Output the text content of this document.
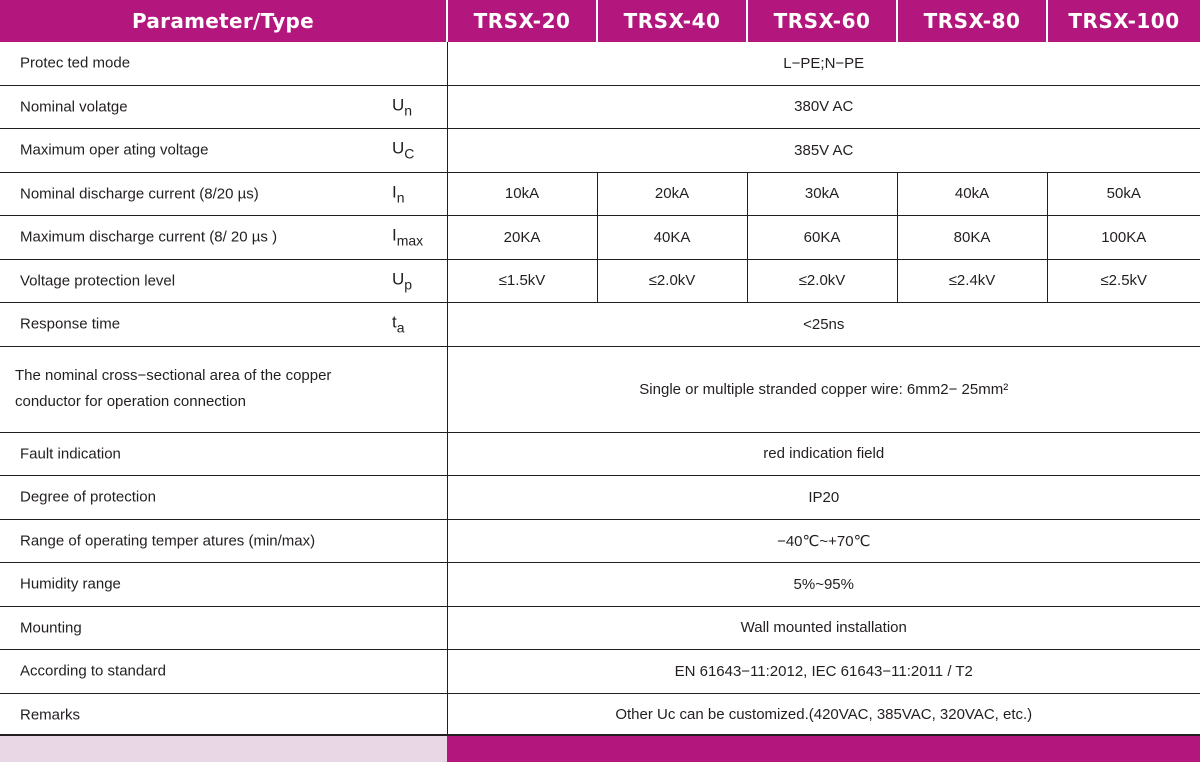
Parameter/Type	TRSX-20	TRSX-40	TRSX-60	TRSX-80	TRSX-100

Protec ted mode	L−PE;N−PE				

Nominal volatge $U_n$	380V AC				

Maximum oper ating voltage $U_C$	385V AC				

Nominal discharge current (8/20 µs) $I_n$	10kA	20kA	30kA	40kA	50kA

Maximum discharge current (8/ 20 µs ) $I_{max}$	20KA	40KA	60KA	80KA	100KA

Voltage protection level $U_p$	≤1.5kV	≤2.0kV	≤2.0kV	≤2.4kV	≤2.5kV

Response time $t_a$	<25ns				

The nominal cross−sectional area of the copper conductor for operation connection	Single or multiple stranded copper wire: 6mm2− 25mm²				

Fault indication	red indication field				

Degree of protection	IP20				

Range of operating temper atures (min/max)	−40℃~+70℃				

Humidity range	5%~95%				

Mounting	Wall mounted installation				

According to standard	EN 61643−11:2012, IEC 61643−11:2011 / T2				

Remarks	Other Uc can be customized.(420VAC, 385VAC, 320VAC, etc.)				
